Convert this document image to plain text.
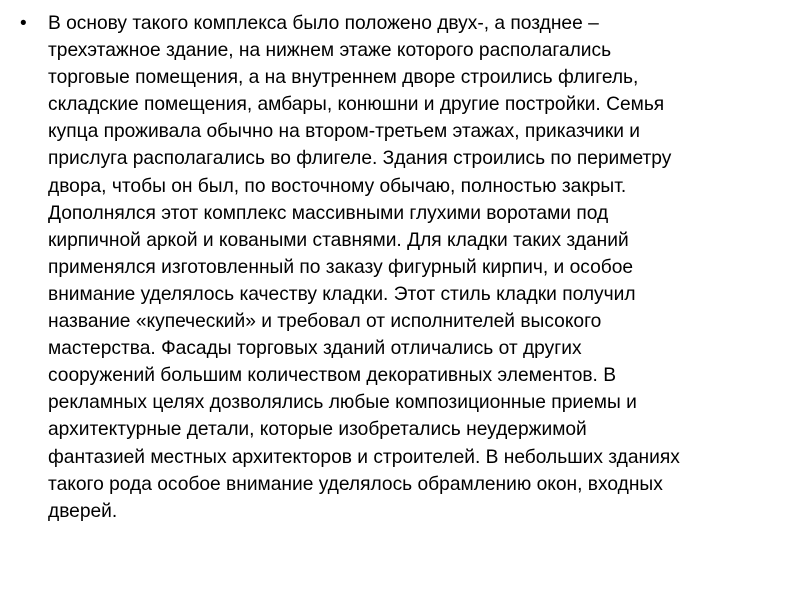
•	В основу такого комплекса было положено двух-, а позднее –
трехэтажное здание, на нижнем этаже которого располагались
торговые помещения, а на внутреннем дворе строились флигель,
складские помещения, амбары, конюшни и другие постройки. Семья
купца проживала обычно на втором-третьем этажах, приказчики и
прислуга располагались во флигеле. Здания строились по периметру
двора, чтобы он был, по восточному обычаю, полностью закрыт.
Дополнялся этот комплекс массивными глухими воротами под
кирпичной аркой и коваными ставнями. Для кладки таких зданий
применялся изготовленный по заказу фигурный кирпич, и особое
внимание уделялось качеству кладки. Этот стиль кладки получил
название «купеческий» и требовал от исполнителей высокого
мастерства. Фасады торговых зданий отличались от других
сооружений большим количеством декоративных элементов. В
рекламных целях дозволялись любые композиционные приемы и
архитектурные детали, которые изобретались неудержимой
фантазией местных архитекторов и строителей. В небольших зданиях
такого рода особое внимание уделялось обрамлению окон, входных
дверей.
